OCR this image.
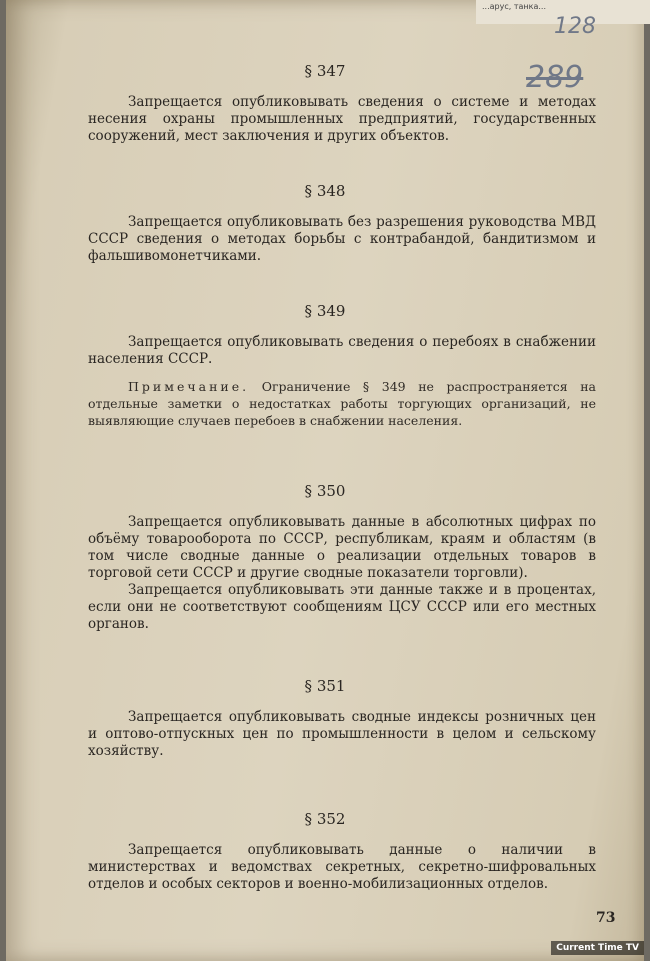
...арус, танка...
128
289
§ 347
Запрещается опубликовывать сведения о системе и методах несения охраны промышленных предприятий, государственных сооружений, мест заключения и других объектов.
§ 348
Запрещается опубликовывать без разрешения руководства МВД СССР сведения о методах борьбы с контрабандой, бандитизмом и фальшивомонетчиками.
§ 349
Запрещается опубликовывать сведения о перебоях в снабжении населения СССР.
Примечание. Ограничение § 349 не распространяется на отдельные заметки о недостатках работы торгующих организаций, не выявляющие случаев перебоев в снабжении населения.
§ 350
Запрещается опубликовывать данные в абсолютных цифрах по объёму товарооборота по СССР, республикам, краям и областям (в том числе сводные данные о реализации отдельных товаров в торговой сети СССР и другие сводные показатели торговли).
Запрещается опубликовывать эти данные также и в процентах, если они не соответствуют сообщениям ЦСУ СССР или его местных органов.
§ 351
Запрещается опубликовывать сводные индексы розничных цен и оптово-отпускных цен по промышленности в целом и сельскому хозяйству.
§ 352
Запрещается опубликовывать данные о наличии в министерствах и ведомствах секретных, секретно-шифровальных отделов и особых секторов и военно-мобилизационных отделов.
73
Current Time TV
